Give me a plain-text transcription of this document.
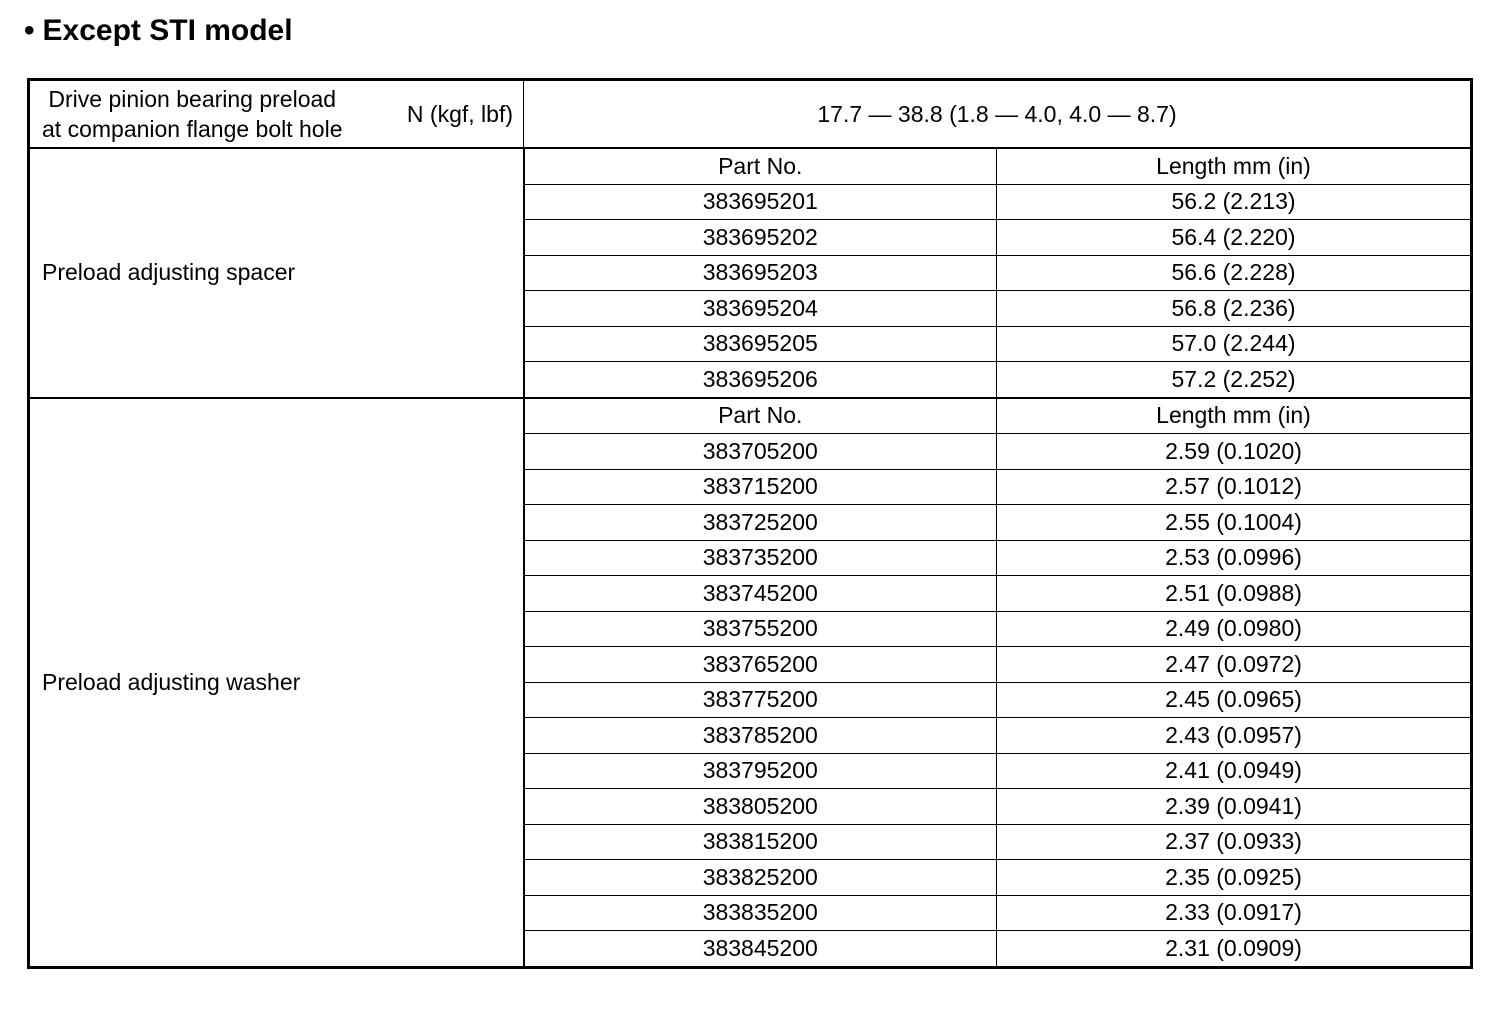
• Except STI model
Drive pinion bearing preload
at companion flange bolt hole
N (kgf, lbf)	17.7 — 38.8 (1.8 — 4.0, 4.0 — 8.7)	
Preload adjusting spacer	Part No.	Length mm (in)
	383695201	56.2 (2.213)
	383695202	56.4 (2.220)
	383695203	56.6 (2.228)
	383695204	56.8 (2.236)
	383695205	57.0 (2.244)
	383695206	57.2 (2.252)
Preload adjusting washer	Part No.	Length mm (in)
	383705200	2.59 (0.1020)
	383715200	2.57 (0.1012)
	383725200	2.55 (0.1004)
	383735200	2.53 (0.0996)
	383745200	2.51 (0.0988)
	383755200	2.49 (0.0980)
	383765200	2.47 (0.0972)
	383775200	2.45 (0.0965)
	383785200	2.43 (0.0957)
	383795200	2.41 (0.0949)
	383805200	2.39 (0.0941)
	383815200	2.37 (0.0933)
	383825200	2.35 (0.0925)
	383835200	2.33 (0.0917)
	383845200	2.31 (0.0909)
